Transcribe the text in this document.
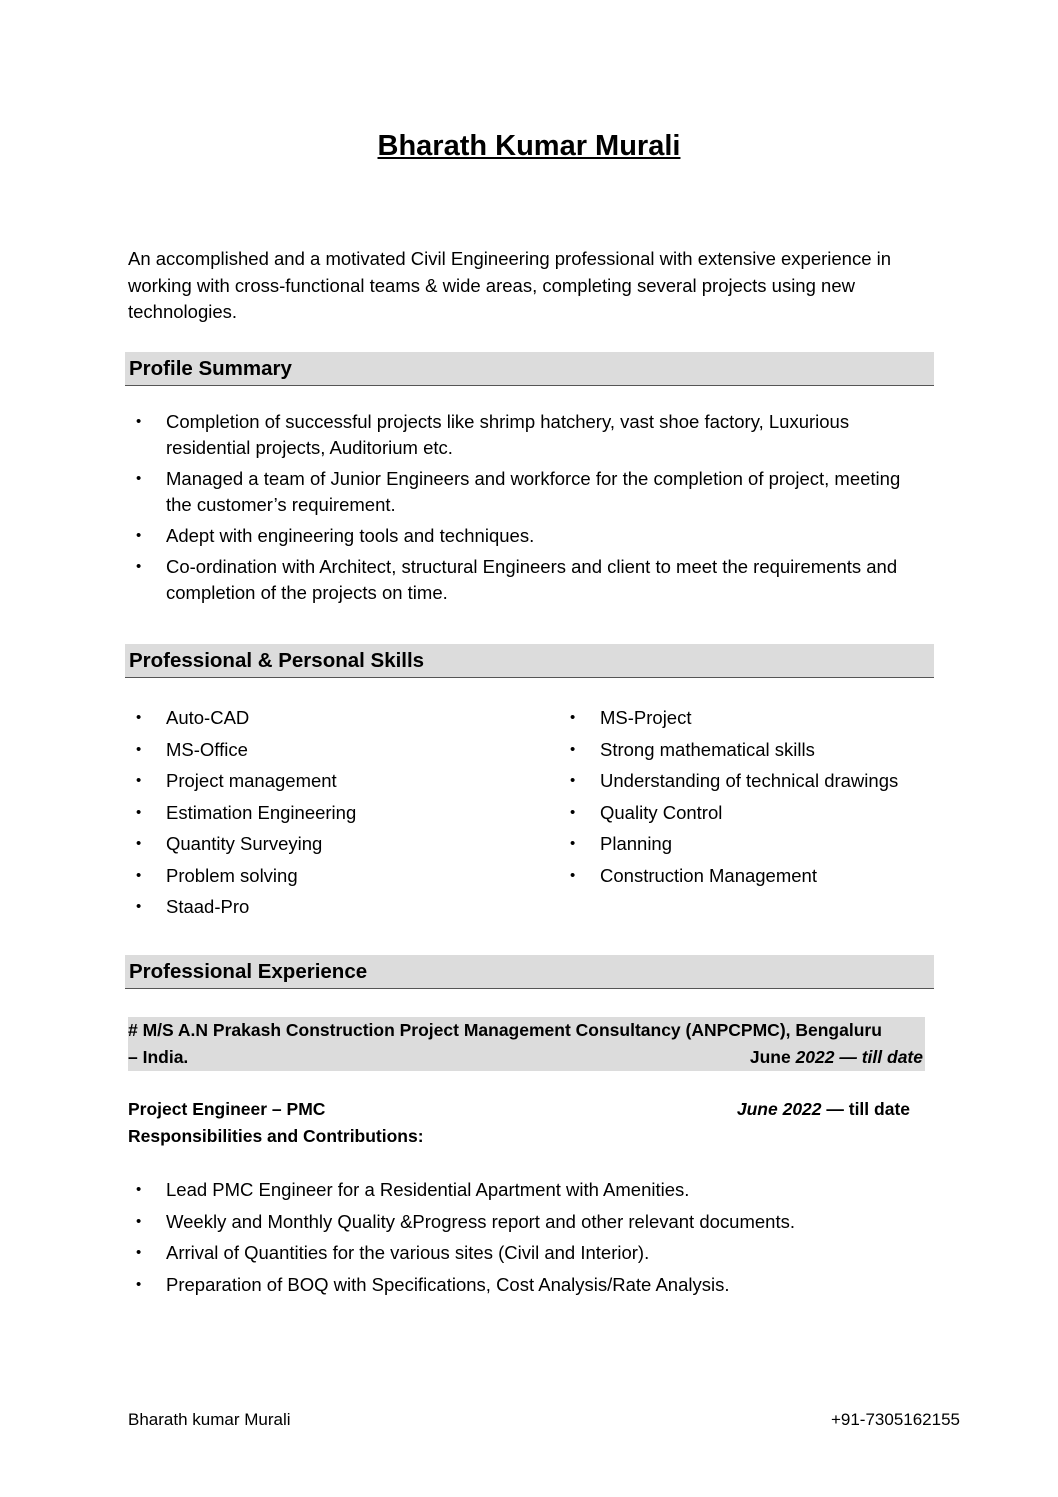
Bharath Kumar Murali
An accomplished and a motivated Civil Engineering professional with extensive experience in working with cross-functional teams & wide areas, completing several projects using new technologies.
Profile Summary
• Completion of successful projects like shrimp hatchery, vast shoe factory, Luxurious residential projects, Auditorium etc.
• Managed a team of Junior Engineers and workforce for the completion of project, meeting the customer’s requirement.
• Adept with engineering tools and techniques.
• Co-ordination with Architect, structural Engineers and client to meet the requirements and completion of the projects on time.
Professional & Personal Skills
• Auto-CAD
• MS-Office
• Project management
• Estimation Engineering
• Quantity Surveying
• Problem solving
• Staad-Pro
• MS-Project
• Strong mathematical skills
• Understanding of technical drawings
• Quality Control
• Planning
• Construction Management
Professional Experience
# M/S A.N Prakash Construction Project Management Consultancy (ANPCPMC), Bengaluru
– India.	June 2022 — till date
Project Engineer – PMC	June 2022 — till date
Responsibilities and Contributions:
• Lead PMC Engineer for a Residential Apartment with Amenities.
• Weekly and Monthly Quality &Progress report and other relevant documents.
• Arrival of Quantities for the various sites (Civil and Interior).
• Preparation of BOQ with Specifications, Cost Analysis/Rate Analysis.
Bharath kumar Murali	+91-7305162155
